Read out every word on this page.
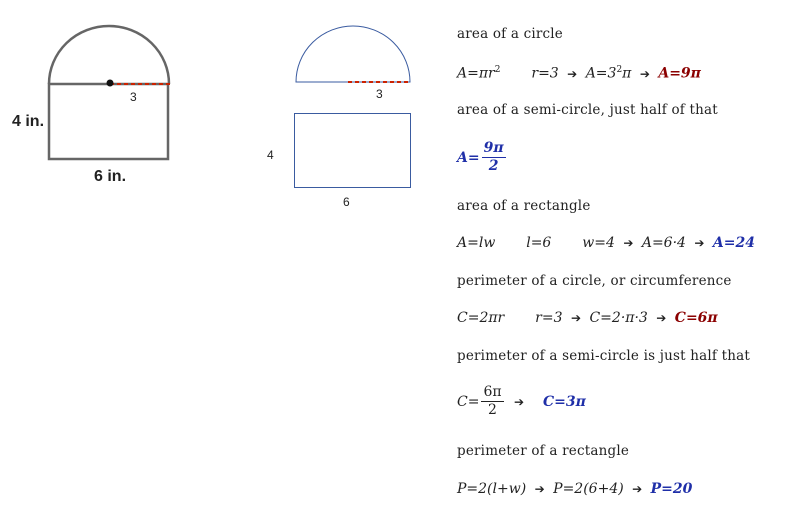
3
4 in.
6 in.
3
4
6
area of a circle
$A=\pi r^2$ r=3 ➔ $A=3^2\pi$ ➔ A=9π
area of a semi-circle, just half of that
$A= \frac{9\pi}{2}$
area of a rectangle
A=lw l=6 w=4 ➔ A=6·4 ➔ A=24
perimeter of a circle, or circumference
C=2πr r=3 ➔ C=2·π·3 ➔ C=6π
perimeter of a semi-circle is just half that
$C= \frac{6\pi}{2}$ ➔ C=3π
perimeter of a rectangle
P=2(l+w) ➔ P=2(6+4) ➔ P=20
